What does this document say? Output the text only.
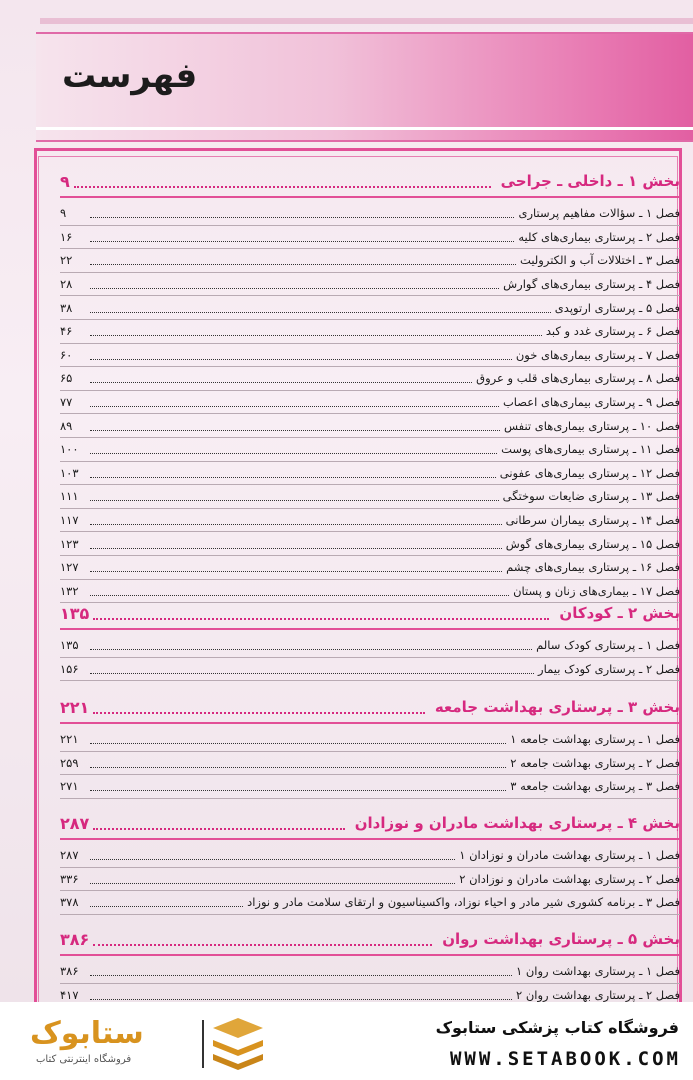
فهرست
بخش ۱ ـ داخلی ـ جراحی
۹
فصل ۱ ـ سؤالات مفاهیم پرستاری
۹
فصل ۲ ـ پرستاری بیماری‌های کلیه
۱۶
فصل ۳ ـ اختلالات آب و الکترولیت
۲۲
فصل ۴ ـ پرستاری بیماری‌های گوارش
۲۸
فصل ۵ ـ پرستاری ارتوپدی
۳۸
فصل ۶ ـ پرستاری غدد و کبد
۴۶
فصل ۷ ـ پرستاری بیماری‌های خون
۶۰
فصل ۸ ـ پرستاری بیماری‌های قلب و عروق
۶۵
فصل ۹ ـ پرستاری بیماری‌های اعصاب
۷۷
فصل ۱۰ ـ پرستاری بیماری‌های تنفس
۸۹
فصل ۱۱ ـ پرستاری بیماری‌های پوست
۱۰۰
فصل ۱۲ ـ پرستاری بیماری‌های عفونی
۱۰۳
فصل ۱۳ ـ پرستاری ضایعات سوختگی
۱۱۱
فصل ۱۴ ـ پرستاری بیماران سرطانی
۱۱۷
فصل ۱۵ ـ پرستاری بیماری‌های گوش
۱۲۳
فصل ۱۶ ـ پرستاری بیماری‌های چشم
۱۲۷
فصل ۱۷ ـ بیماری‌های زنان و پستان
۱۳۲
بخش ۲ ـ کودکان
۱۳۵
فصل ۱ ـ پرستاری کودک سالم
۱۳۵
فصل ۲ ـ پرستاری کودک بیمار
۱۵۶
بخش ۳ ـ پرستاری بهداشت جامعه
۲۲۱
فصل ۱ ـ پرستاری بهداشت جامعه ۱
۲۲۱
فصل ۲ ـ پرستاری بهداشت جامعه ۲
۲۵۹
فصل ۳ ـ پرستاری بهداشت جامعه ۳
۲۷۱
بخش ۴ ـ پرستاری بهداشت مادران و نوزادان
۲۸۷
فصل ۱ ـ پرستاری بهداشت مادران و نوزادان ۱
۲۸۷
فصل ۲ ـ پرستاری بهداشت مادران و نوزادان ۲
۳۳۶
فصل ۳ ـ برنامه کشوری شیر مادر و احیاء نوزاد، واکسیناسیون و ارتقای سلامت مادر و نوزاد
۳۷۸
بخش ۵ ـ پرستاری بهداشت روان
۳۸۶
فصل ۱ ـ پرستاری بهداشت روان ۱
۳۸۶
فصل ۲ ـ پرستاری بهداشت روان ۲
۴۱۷
ستابوک
فروشگاه اینترنتی کتاب
فروشگاه کتاب پزشکی ستابوک
WWW.SETABOOK.COM
